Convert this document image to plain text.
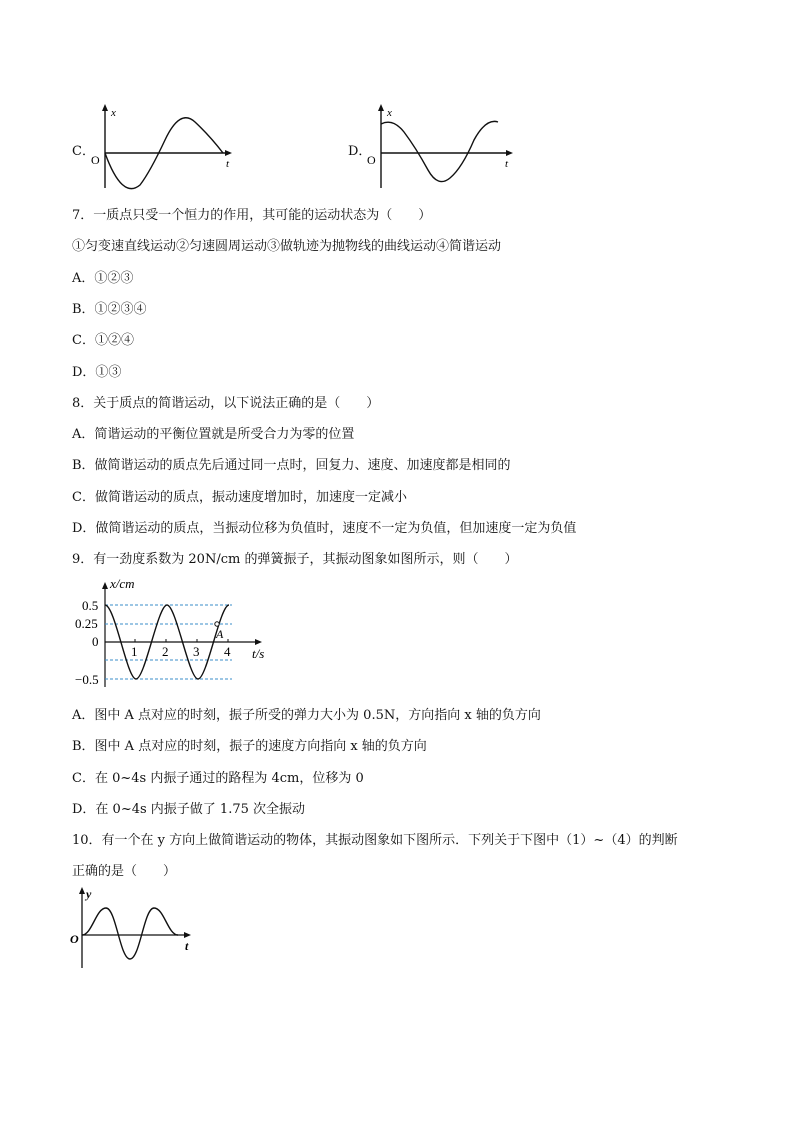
C．
x
t
O
D．
x
t
O
7．一质点只受一个恒力的作用，其可能的运动状态为（　　）
①匀变速直线运动②匀速圆周运动③做轨迹为抛物线的曲线运动④简谐运动
A．①②③
B．①②③④
C．①②④
D．①③
8．关于质点的简谐运动，以下说法正确的是（　　）
A．简谐运动的平衡位置就是所受合力为零的位置
B．做简谐运动的质点先后通过同一点时，回复力、速度、加速度都是相同的
C．做简谐运动的质点，振动速度增加时，加速度一定减小
D．做简谐运动的质点，当振动位移为负值时，速度不一定为负值，但加速度一定为负值
9．有一劲度系数为 20N/cm 的弹簧振子，其振动图象如图所示，则（　　）
A
x/cm
t/s
0.5
0.25
0
−0.5
1 2 3 4
A．图中 A 点对应的时刻，振子所受的弹力大小为 0.5N，方向指向 x 轴的负方向
B．图中 A 点对应的时刻，振子的速度方向指向 x 轴的负方向
C．在 0~4s 内振子通过的路程为 4cm，位移为 0
D．在 0~4s 内振子做了 1.75 次全振动
10．有一个在 y 方向上做简谐运动的物体，其振动图象如下图所示．下列关于下图中（1）~（4）的判断
正确的是（　　）
y
t
O
